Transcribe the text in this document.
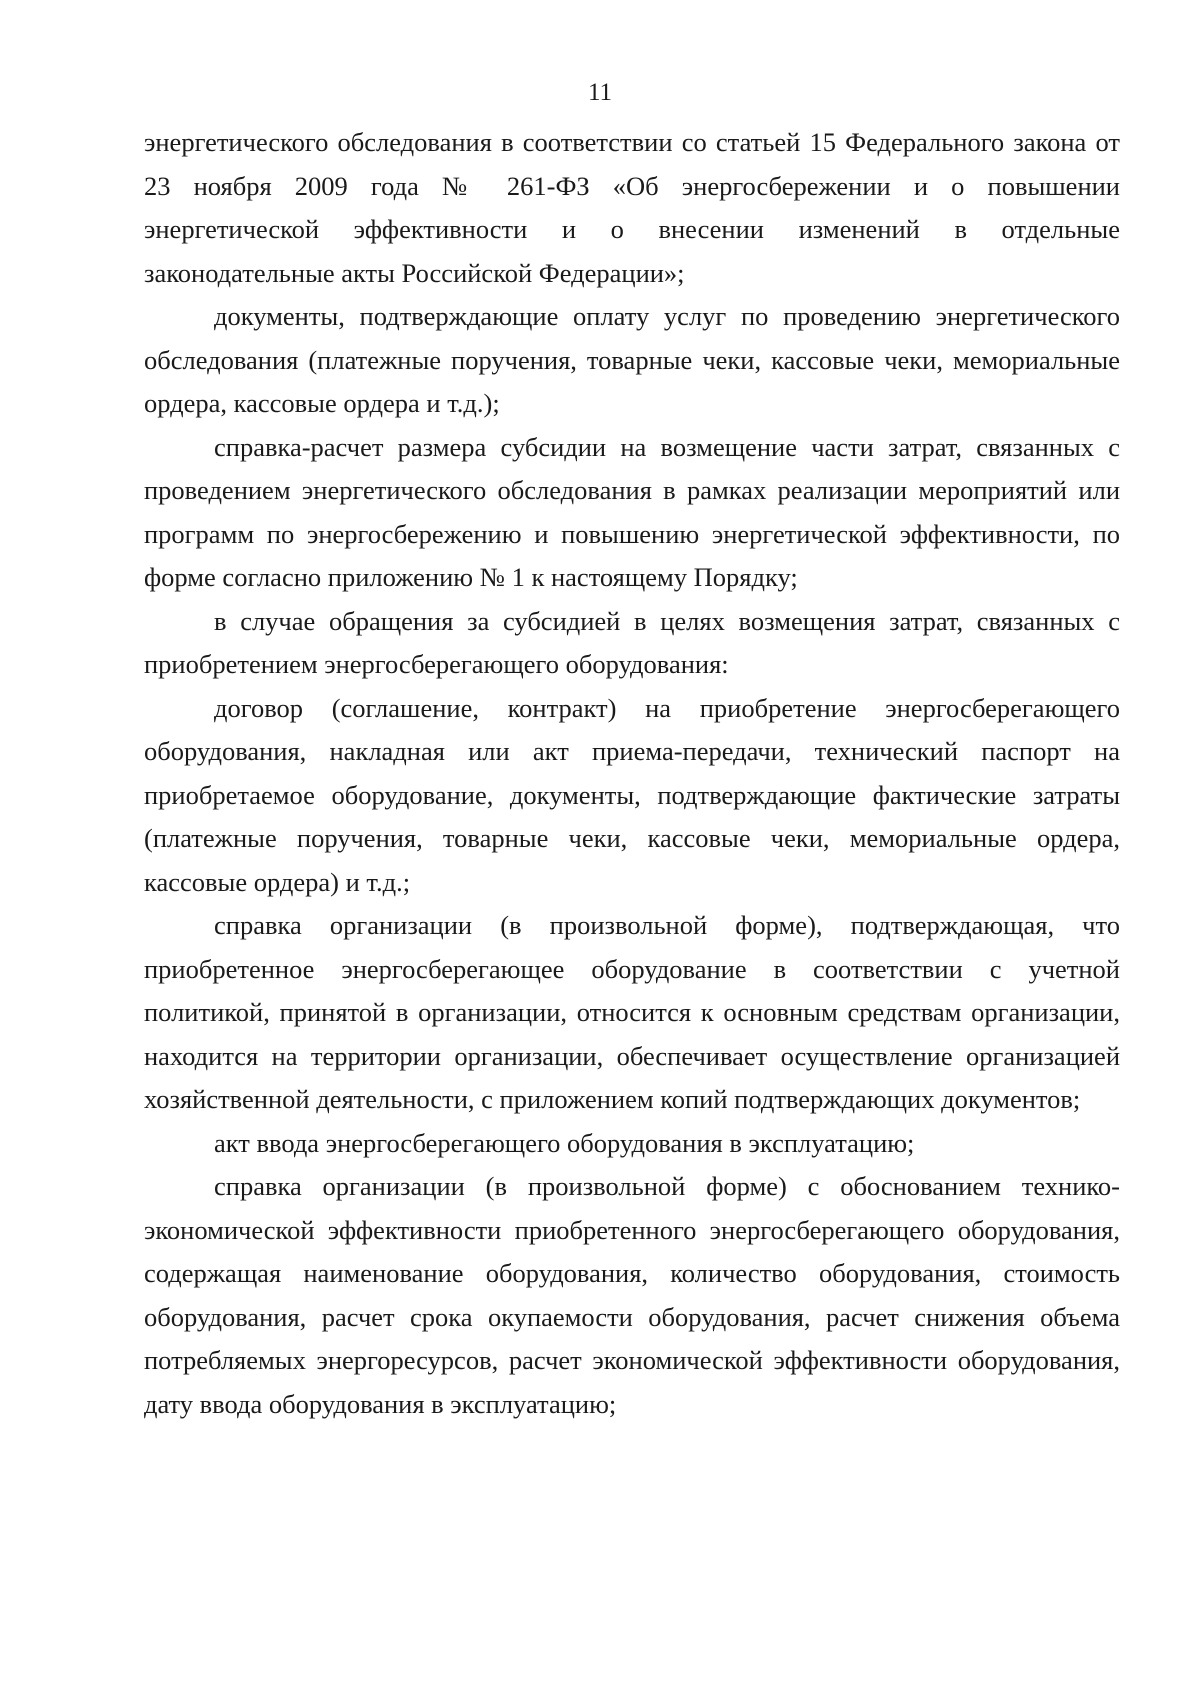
11

энергетического обследования в соответствии со статьей 15 Федерального закона от 23 ноября 2009 года № 261-ФЗ «Об энергосбережении и о повышении энергетической эффективности и о внесении изменений в отдельные законодательные акты Российской Федерации»;

документы, подтверждающие оплату услуг по проведению энергетического обследования (платежные поручения, товарные чеки, кассовые чеки, мемориальные ордера, кассовые ордера и т.д.);

справка-расчет размера субсидии на возмещение части затрат, связанных с проведением энергетического обследования в рамках реализации мероприятий или программ по энергосбережению и повышению энергетической эффективности, по форме согласно приложению № 1 к настоящему Порядку;

в случае обращения за субсидией в целях возмещения затрат, связанных с приобретением энергосберегающего оборудования:

договор (соглашение, контракт) на приобретение энергосберегающего оборудования, накладная или акт приема-передачи, технический паспорт на приобретаемое оборудование, документы, подтверждающие фактические затраты (платежные поручения, товарные чеки, кассовые чеки, мемориальные ордера, кассовые ордера) и т.д.;

справка организации (в произвольной форме), подтверждающая, что приобретенное энергосберегающее оборудование в соответствии с учетной политикой, принятой в организации, относится к основным средствам организации, находится на территории организации, обеспечивает осуществление организацией хозяйственной деятельности, с приложением копий подтверждающих документов;

акт ввода энергосберегающего оборудования в эксплуатацию;

справка организации (в произвольной форме) с обоснованием технико-экономической эффективности приобретенного энергосберегающего оборудования, содержащая наименование оборудования, количество оборудования, стоимость оборудования, расчет срока окупаемости оборудования, расчет снижения объема потребляемых энергоресурсов, расчет экономической эффективности оборудования, дату ввода оборудования в эксплуатацию;
